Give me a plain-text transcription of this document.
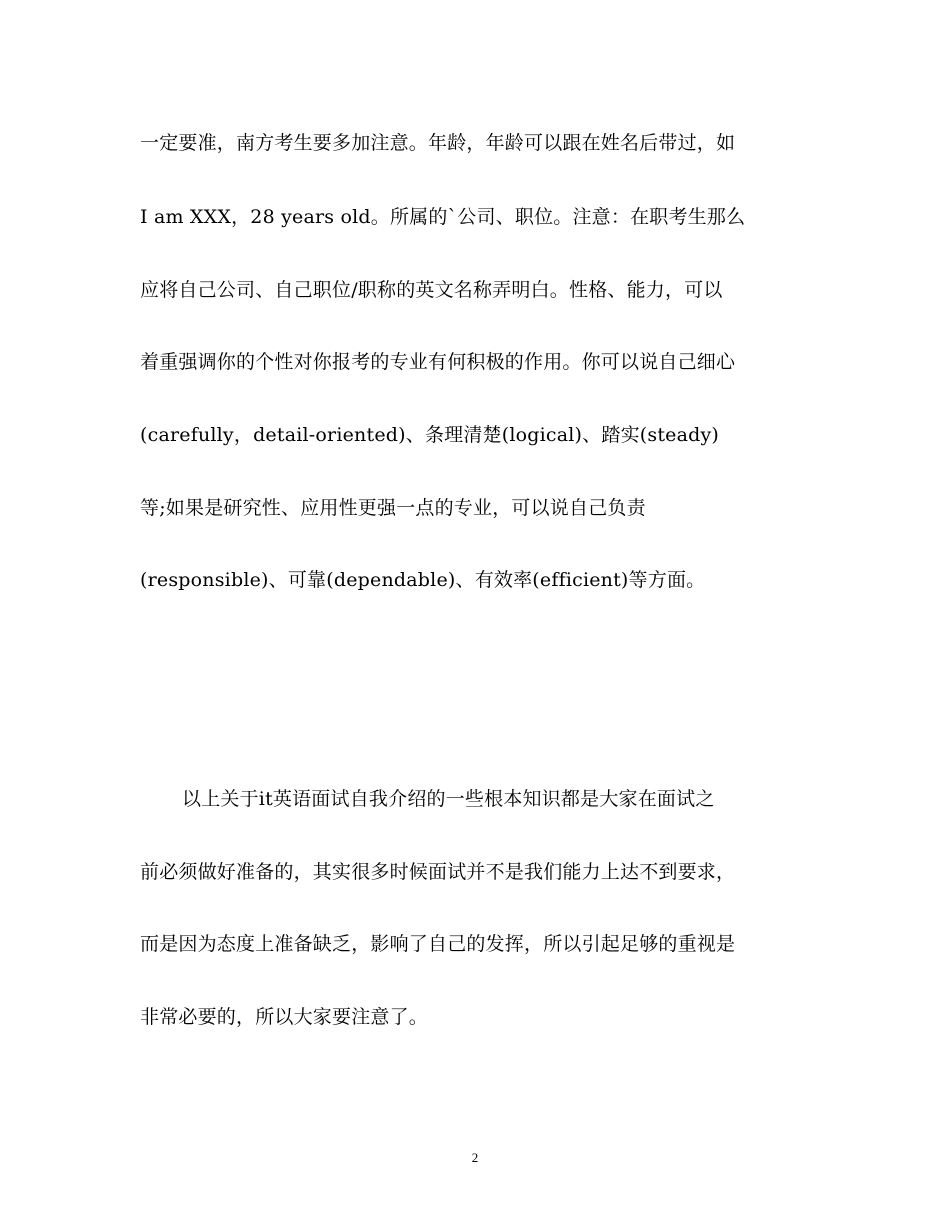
一定要准，南方考生要多加注意。年龄，年龄可以跟在姓名后带过，如
I am XXX，28 years old。所属的`公司、职位。注意：在职考生那么
应将自己公司、自己职位/职称的英文名称弄明白。性格、能力，可以
着重强调你的个性对你报考的专业有何积极的作用。你可以说自己细心
(carefully，detail-oriented)、条理清楚(logical)、踏实(steady)
等;如果是研究性、应用性更强一点的专业，可以说自己负责
(responsible)、可靠(dependable)、有效率(efficient)等方面。
以上关于it英语面试自我介绍的一些根本知识都是大家在面试之
前必须做好准备的，其实很多时候面试并不是我们能力上达不到要求，
而是因为态度上准备缺乏，影响了自己的发挥，所以引起足够的重视是
非常必要的，所以大家要注意了。
2
